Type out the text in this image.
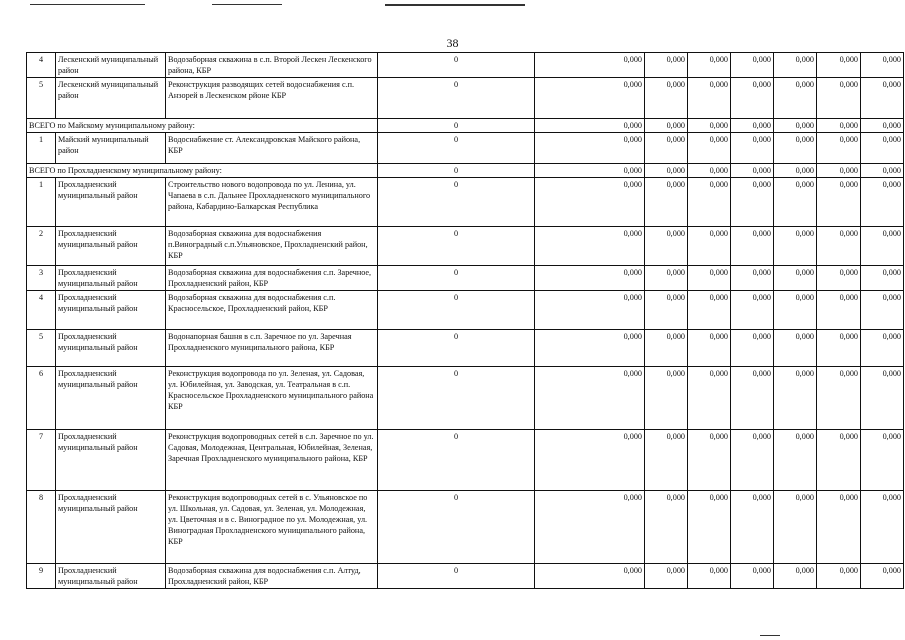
38
4	Лескенский муниципальный район	Водозаборная скважина в с.п. Второй Лескен Лескенского района, КБР	0	0,000	0,000	0,000	0,000	0,000	0,000	0,000
5	Лескенский муниципальный район	Реконструкция разводящих сетей водоснабжения с.п. Анзорей в Лескенском рйоне КБР	0	0,000	0,000	0,000	0,000	0,000	0,000	0,000
ВСЕГО по Майскому муниципальному району:			0	0,000	0,000	0,000	0,000	0,000	0,000	0,000
1	Майский муниципальный район	Водоснабжение ст. Александровская Майского района, КБР	0	0,000	0,000	0,000	0,000	0,000	0,000	0,000
ВСЕГО по Прохладненскому муниципальному району:			0	0,000	0,000	0,000	0,000	0,000	0,000	0,000
1	Прохладненский муниципальный район	Строительство нового водопровода по ул. Ленина, ул. Чапаева в с.п. Дальнее Прохладненского муниципального района, Кабардино-Балкарская Республика	0	0,000	0,000	0,000	0,000	0,000	0,000	0,000
2	Прохладненский муниципальный район	Водозаборная скважина для водоснабжения п.Виноградный с.п.Ульяновское, Прохладненский район, КБР	0	0,000	0,000	0,000	0,000	0,000	0,000	0,000
3	Прохладненский муниципальный район	Водозаборная скважина для водоснабжения с.п. Заречное, Прохладненский район, КБР	0	0,000	0,000	0,000	0,000	0,000	0,000	0,000
4	Прохладненский муниципальный район	Водозаборная скважина для водоснабжения с.п. Красносельское, Прохладненский район, КБР	0	0,000	0,000	0,000	0,000	0,000	0,000	0,000
5	Прохладненский муниципальный район	Водонапорная башня в с.п. Заречное по ул. Заречная Прохладненского муниципального района, КБР	0	0,000	0,000	0,000	0,000	0,000	0,000	0,000
6	Прохладненский муниципальный район	Реконструкция водопровода по ул. Зеленая, ул. Садовая, ул. Юбилейная, ул. Заводская, ул. Театральная в с.п. Красносельское Прохладненского муниципального района КБР	0	0,000	0,000	0,000	0,000	0,000	0,000	0,000
7	Прохладненский муниципальный район	Реконструкция водопроводных сетей в с.п. Заречное по ул. Садовая, Молодежная, Центральная, Юбилейная, Зеленая, Заречная Прохладненского муниципального района, КБР	0	0,000	0,000	0,000	0,000	0,000	0,000	0,000
8	Прохладненский муниципальный район	Реконструкция водопроводных сетей в с. Ульяновское по ул. Школьная, ул. Садовая, ул. Зеленая, ул. Молодежная, ул. Цветочная и в с. Виноградное по ул. Молодежная, ул. Виноградная Прохладненского муниципального района, КБР	0	0,000	0,000	0,000	0,000	0,000	0,000	0,000
9	Прохладненский муниципальный район	Водозаборная скважина для водоснабжения с.п. Алтуд, Прохладненский район, КБР	0	0,000	0,000	0,000	0,000	0,000	0,000	0,000
